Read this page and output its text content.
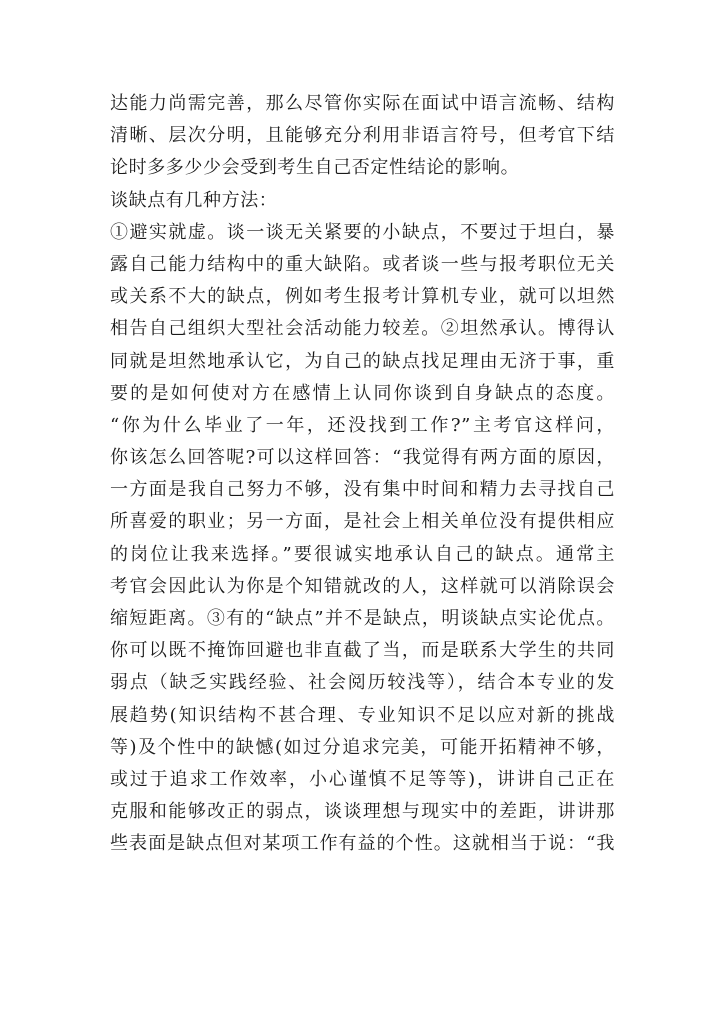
达能力尚需完善，那么尽管你实际在面试中语言流畅、结构
清晰、层次分明，且能够充分利用非语言符号，但考官下结
论时多多少少会受到考生自己否定性结论的影响。
谈缺点有几种方法：
①避实就虚。谈一谈无关紧要的小缺点，不要过于坦白，暴
露自己能力结构中的重大缺陷。或者谈一些与报考职位无关
或关系不大的缺点，例如考生报考计算机专业，就可以坦然
相告自己组织大型社会活动能力较差。②坦然承认。博得认
同就是坦然地承认它，为自己的缺点找足理由无济于事，重
要的是如何使对方在感情上认同你谈到自身缺点的态度。
“你为什么毕业了一年，还没找到工作?”主考官这样问，
你该怎么回答呢?可以这样回答：“我觉得有两方面的原因，
一方面是我自己努力不够，没有集中时间和精力去寻找自己
所喜爱的职业；另一方面，是社会上相关单位没有提供相应
的岗位让我来选择。”要很诚实地承认自己的缺点。通常主
考官会因此认为你是个知错就改的人，这样就可以消除误会
缩短距离。③有的“缺点”并不是缺点，明谈缺点实论优点。
你可以既不掩饰回避也非直截了当，而是联系大学生的共同
弱点（缺乏实践经验、社会阅历较浅等），结合本专业的发
展趋势(知识结构不甚合理、专业知识不足以应对新的挑战
等)及个性中的缺憾(如过分追求完美，可能开拓精神不够，
或过于追求工作效率，小心谨慎不足等等)，讲讲自己正在
克服和能够改正的弱点，谈谈理想与现实中的差距，讲讲那
些表面是缺点但对某项工作有益的个性。这就相当于说：“我
